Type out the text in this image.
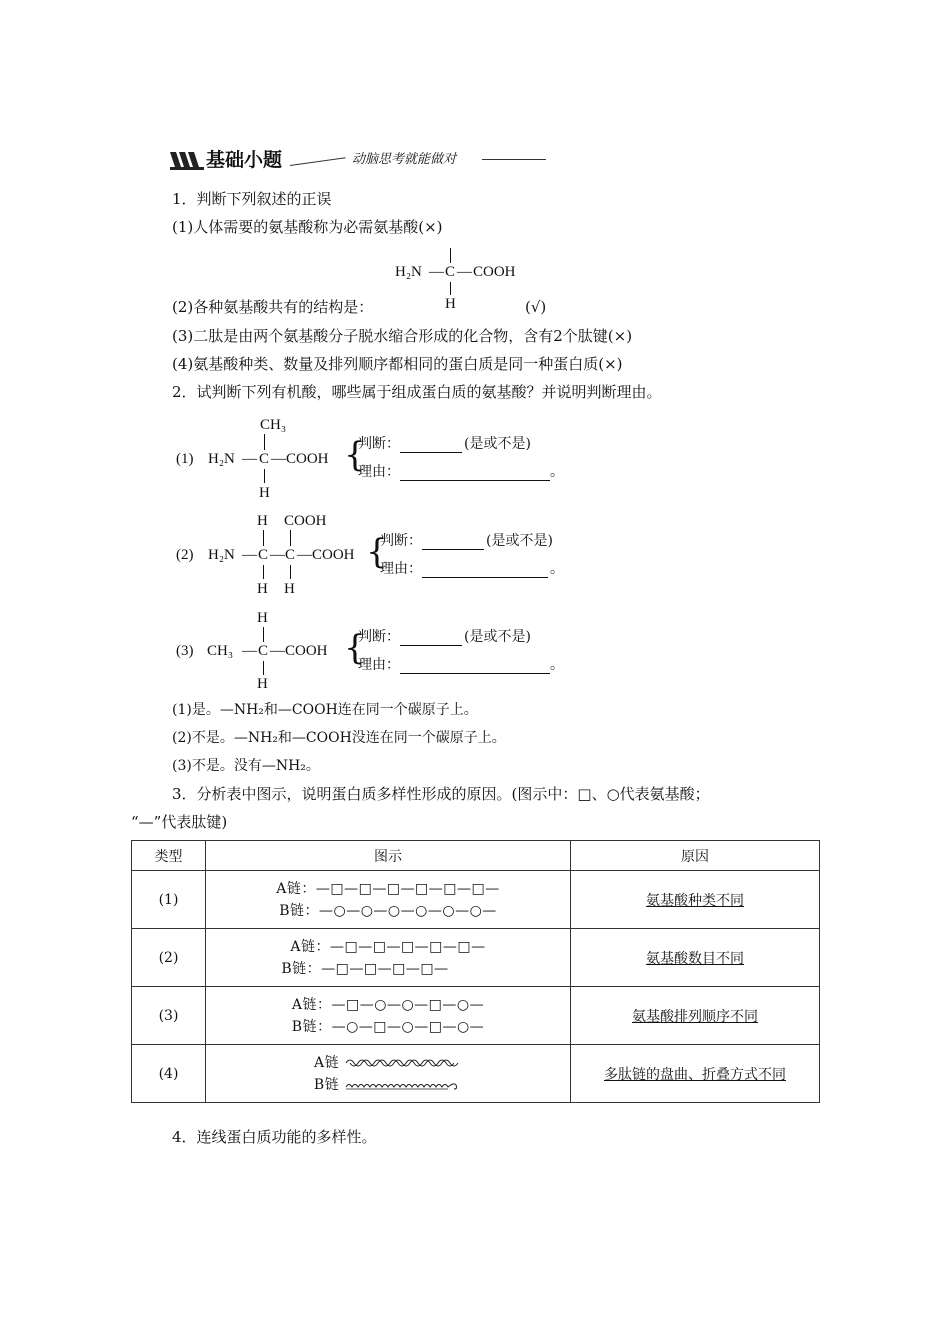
基础小题	动脑思考就能做对
1．判断下列叙述的正误
(1)人体需要的氨基酸称为必需氨基酸(×)
H₂N — C — COOH
H
(2)各种氨基酸共有的结构是：	(√)
(3)二肽是由两个氨基酸分子脱水缩合形成的化合物，含有2个肽键(×)
(4)氨基酸种类、数量及排列顺序都相同的蛋白质是同一种蛋白质(×)
2．试判断下列有机酸，哪些属于组成蛋白质的氨基酸？并说明判断理由。
(1)
CH₃
H₂N — C — COOH
H
{
判断：	(是或不是)
理由：	。
(2)
H COOH
H₂N — C — C — COOH
H H
{
判断：	(是或不是)
理由：	。
(3)
H
CH₃ — C — COOH
H
{
判断：	(是或不是)
理由：	。
(1)是。—NH₂和—COOH连在同一个碳原子上。
(2)不是。—NH₂和—COOH没连在同一个碳原子上。
(3)不是。没有—NH₂。
3．分析表中图示，说明蛋白质多样性形成的原因。(图示中：□、○代表氨基酸；
“—”代表肽键)
类型	图示	原因
(1)	A链：—□—□—□—□—□—□—
B链：—○—○—○—○—○—○—	氨基酸种类不同
(2)	A链：—□—□—□—□—□—
B链：—□—□—□—□—	氨基酸数目不同
(3)	A链：—□—○—○—□—○—
B链：—○—□—○—□—○—	氨基酸排列顺序不同
(4)	A链
B链	多肽链的盘曲、折叠方式不同
4．连线蛋白质功能的多样性。
